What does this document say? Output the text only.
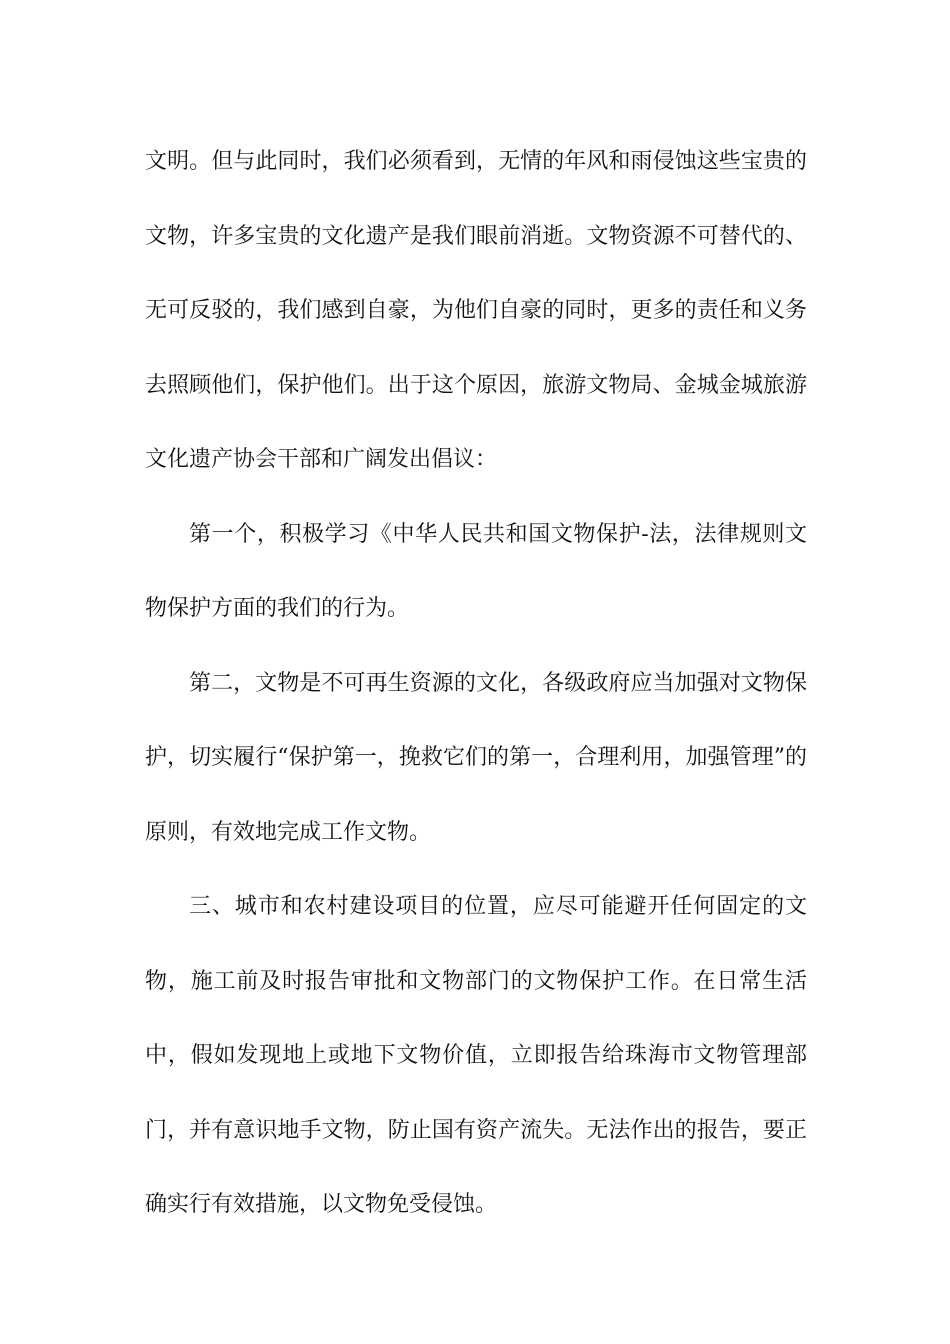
文明。但与此同时，我们必须看到，无情的年风和雨侵蚀这些宝贵的文物，许多宝贵的文化遗产是我们眼前消逝。文物资源不可替代的、无可反驳的，我们感到自豪，为他们自豪的同时，更多的责任和义务去照顾他们，保护他们。出于这个原因，旅游文物局、金城金城旅游文化遗产协会干部和广阔发出倡议：

第一个，积极学习《中华人民共和国文物保护-法，法律规则文物保护方面的我们的行为。

第二，文物是不可再生资源的文化，各级政府应当加强对文物保护，切实履行“保护第一，挽救它们的第一，合理利用，加强管理”的原则，有效地完成工作文物。

三、城市和农村建设项目的位置，应尽可能避开任何固定的文物，施工前及时报告审批和文物部门的文物保护工作。在日常生活中，假如发现地上或地下文物价值，立即报告给珠海市文物管理部门，并有意识地手文物，防止国有资产流失。无法作出的报告，要正确实行有效措施，以文物免受侵蚀。
